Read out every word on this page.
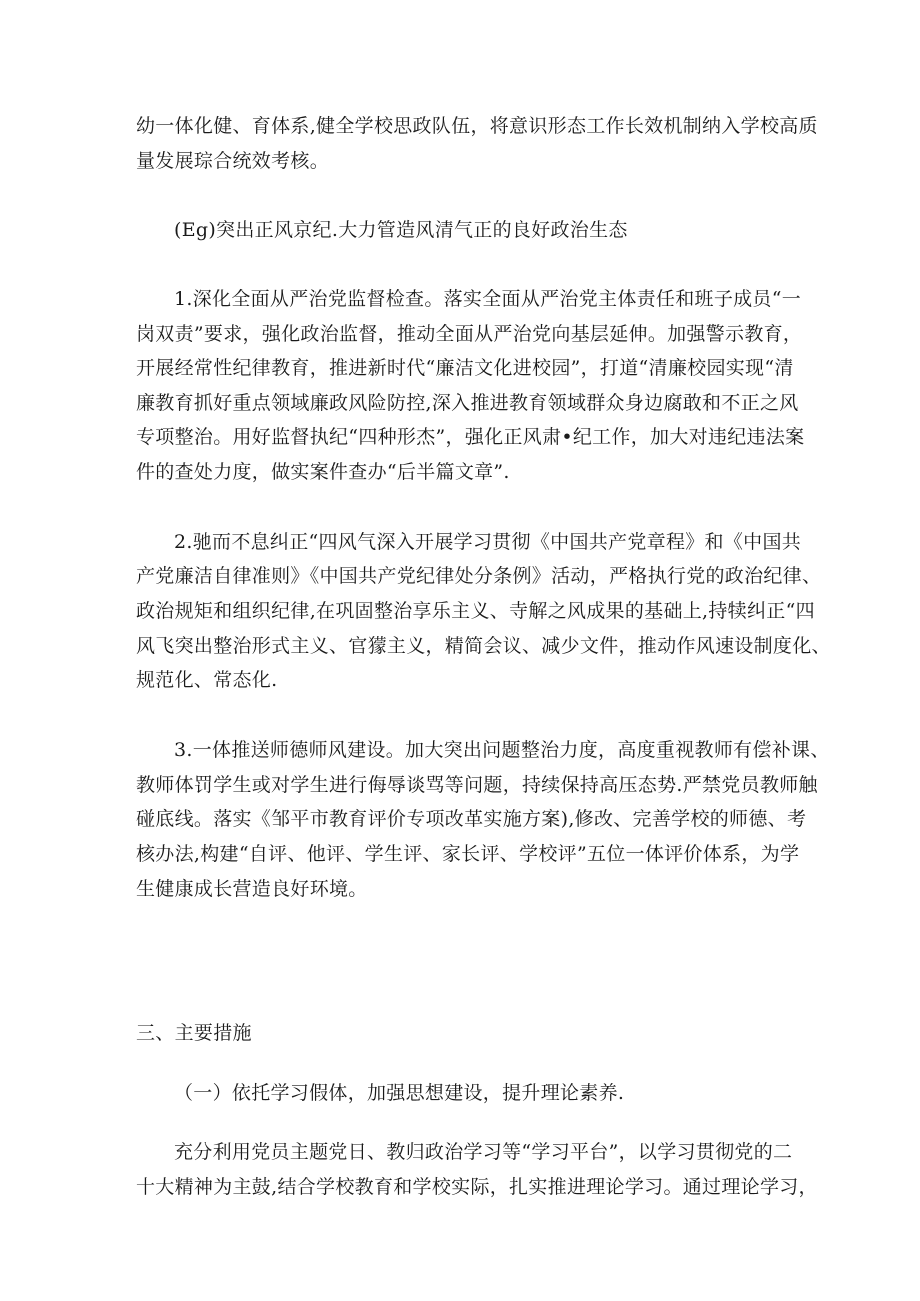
幼一体化健、育体系,健全学校思政队伍，将意识形态工作长效机制纳入学校高质
量发展琮合统效考核。
(Eg)突出正风京纪.大力管造风清气正的良好政治生态
1.深化全面从严治党监督检查。落实全面从严治党主体责任和班子成员“一
岗双责”要求，强化政治监督，推动全面从严治党向基层延伸。加强警示教育，
开展经常性纪律教育，推进新时代“廉洁文化进校园”，打道“清廉校园实现“清
廉教育抓好重点领域廉政风险防控,深入推进教育领域群众身边腐敢和不正之风
专项整治。用好监督执纪“四种形杰”，强化正风肃•纪工作，加大对违纪违法案
件的查处力度，做实案件查办“后半篇文章”.
2.驰而不息纠正“四风气深入开展学习贯彻《中国共产党章程》和《中国共
产党廉洁自律准则》《中国共产党纪律处分条例》活动，严格执行党的政治纪律、
政治规矩和组织纪律,在巩固整治享乐主义、寺解之风成果的基础上,持犊纠正“四
风飞突出整治形式主义、官獴主义，精简会议、减少文件，推动作风速设制度化、
规范化、常态化.
3.一体推送师德师风建设。加大突出问题整治力度，高度重视教师有偿补课、
教师体罚学生或对学生进行侮辱谈骂等问题，持续保持高压态势.严禁党员教师触
碰底线。落实《邹平市教育评价专项改革实施方案),修改、完善学校的师德、考
核办法,构建“自评、他评、学生评、家长评、学校评”五位一体评价体系，为学
生健康成长营造良好环境。
三、主要措施
（一）依托学习假体，加强思想建设，提升理论素养.
充分利用党员主题党日、教归政治学习等“学习平台”，以学习贯彻党的二
十大精神为主鼓,结合学校教育和学校实际，扎实推进理论学习。通过理论学习，
